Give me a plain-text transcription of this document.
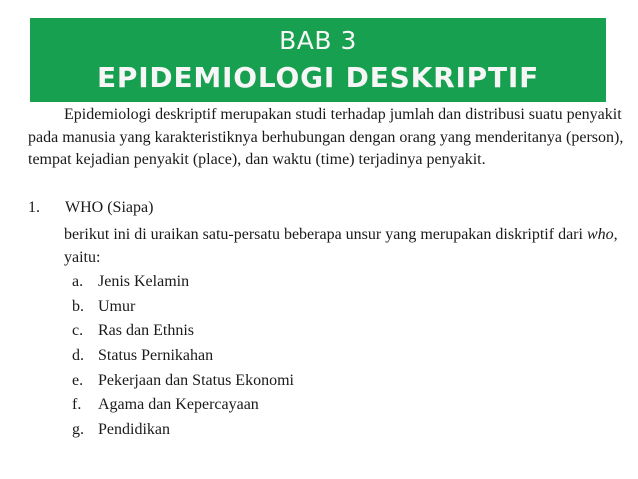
BAB 3
EPIDEMIOLOGI DESKRIPTIF

Epidemiologi deskriptif merupakan studi terhadap jumlah dan distribusi suatu penyakit pada manusia yang karakteristiknya berhubungan dengan orang yang menderitanya (person), tempat kejadian penyakit (place), dan waktu (time) terjadinya penyakit.

1. WHO (Siapa)

berikut ini di uraikan satu-persatu beberapa unsur yang merupakan diskriptif dari who, yaitu:

a. Jenis Kelamin
b. Umur
c. Ras dan Ethnis
d. Status Pernikahan
e. Pekerjaan dan Status Ekonomi
f. Agama dan Kepercayaan
g. Pendidikan
